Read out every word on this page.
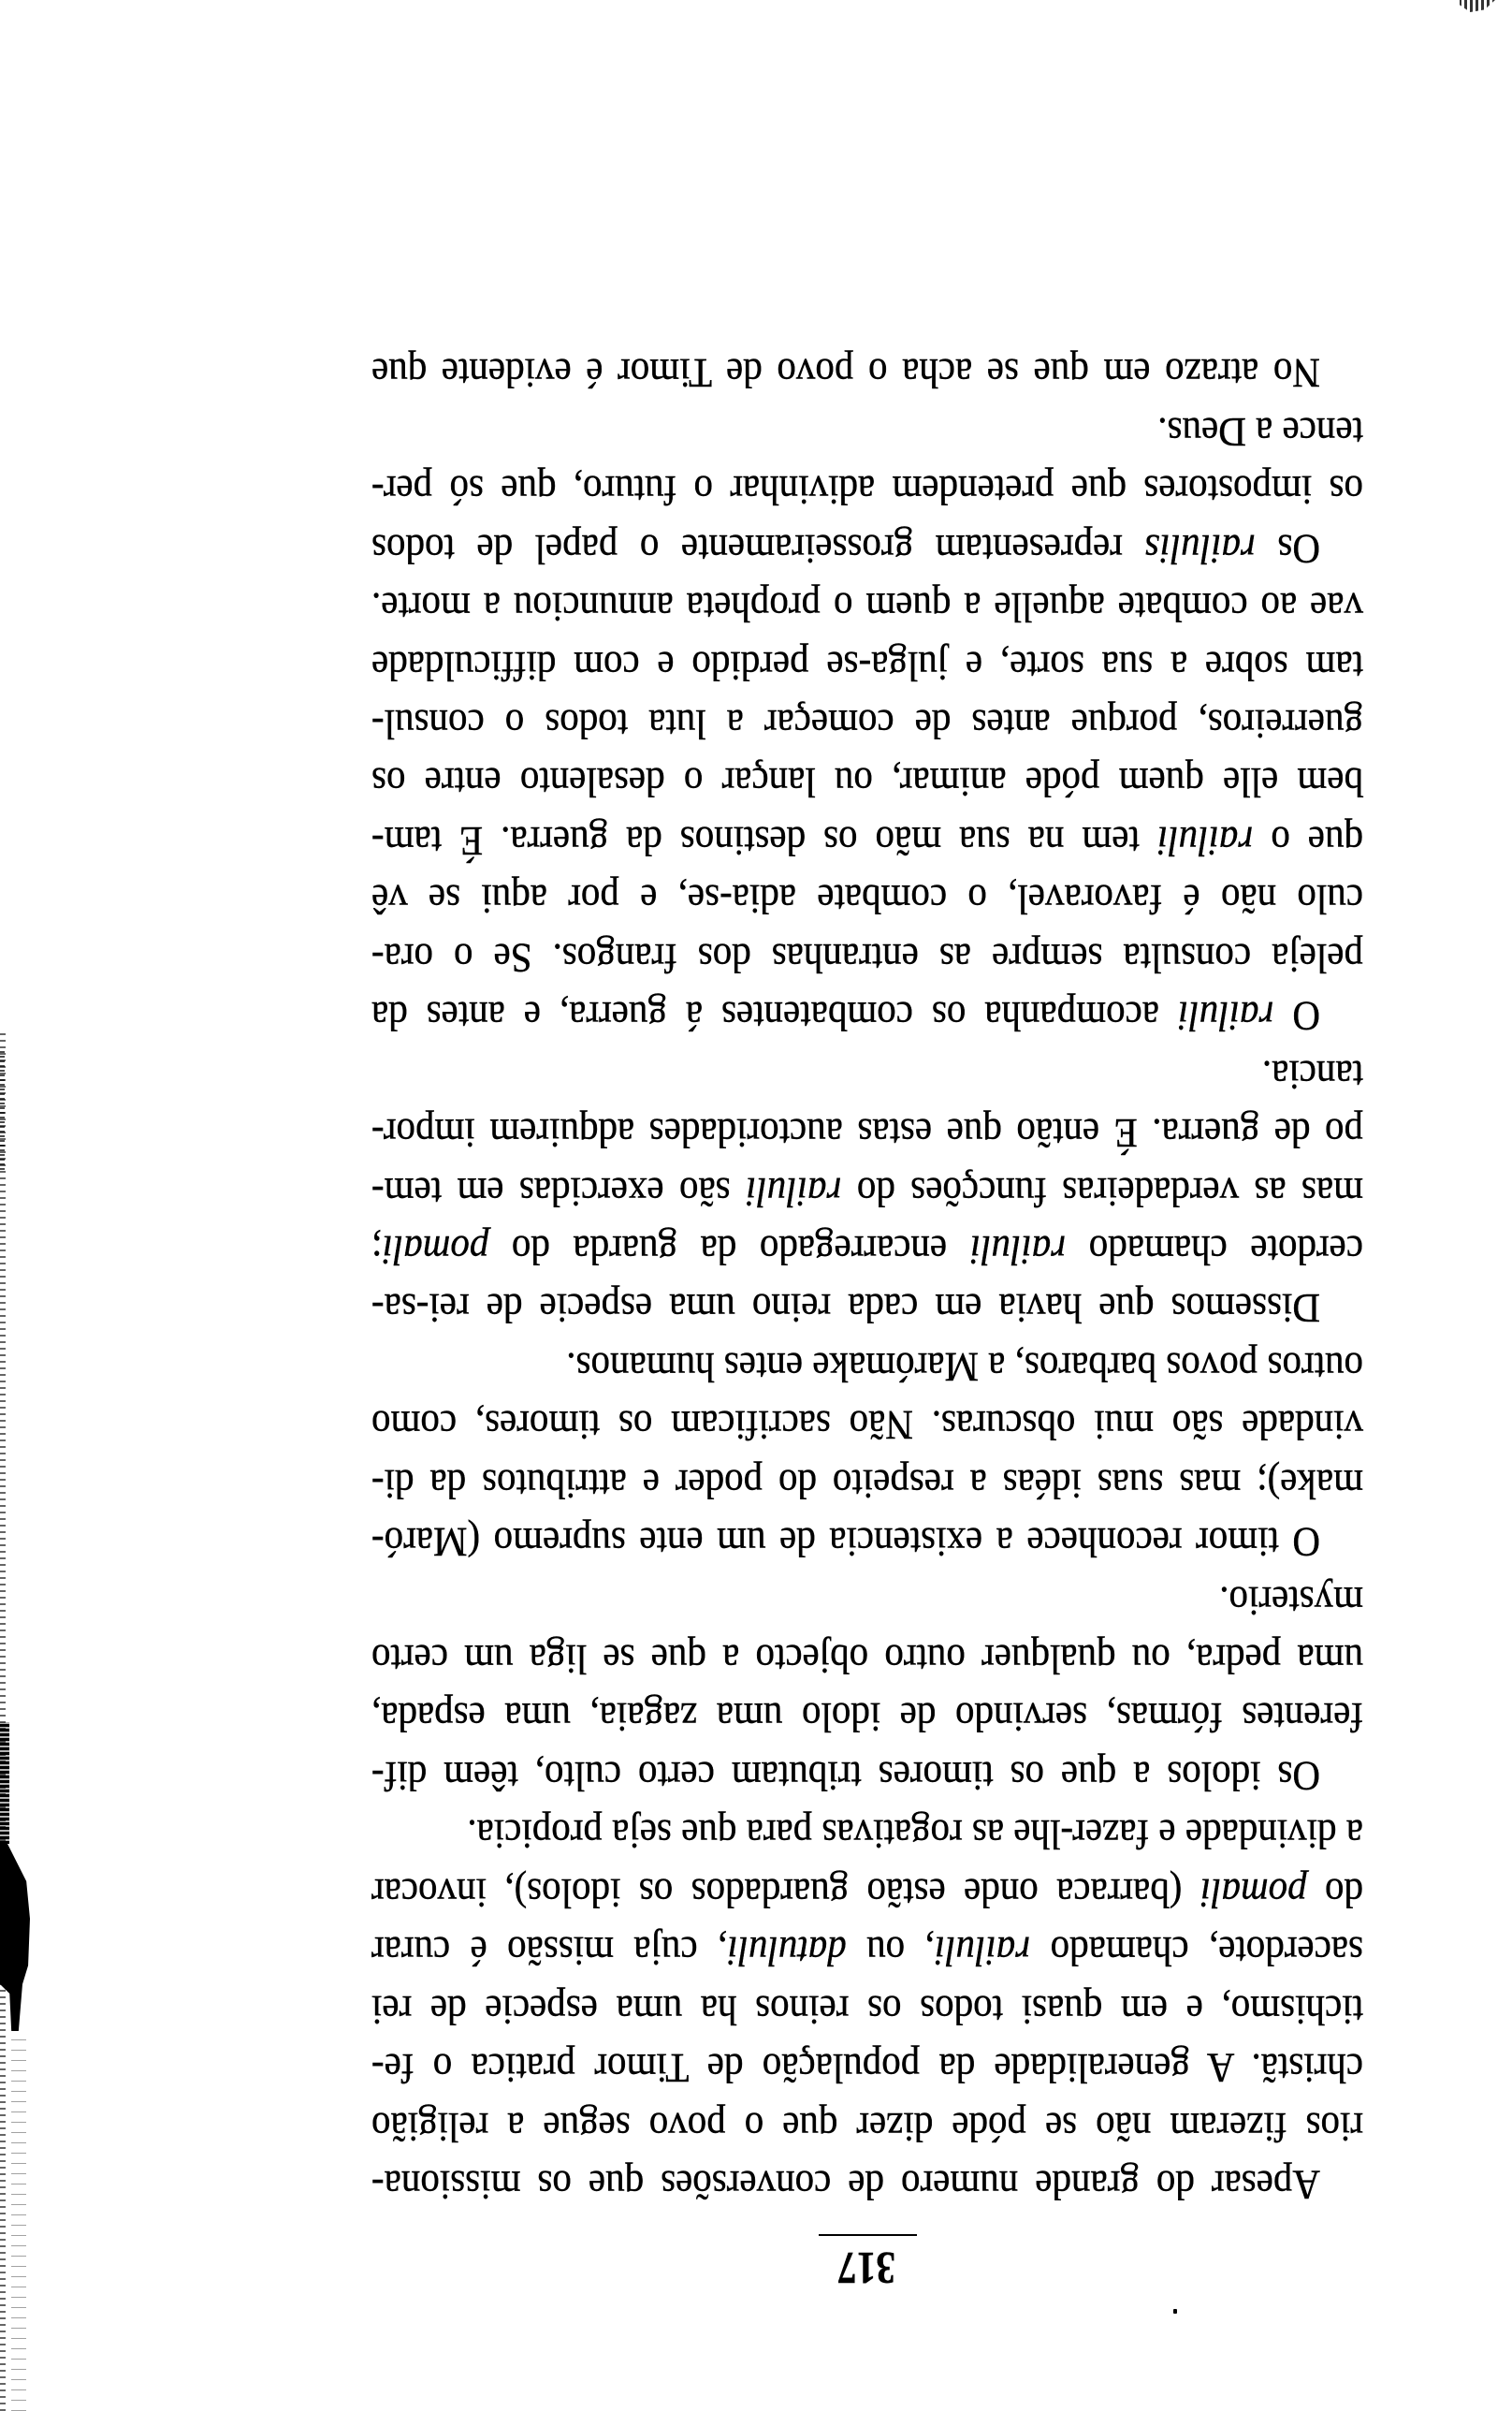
317
Apesar do grande numero de conversões que os missiona-
rios fizeram não se póde dizer que o povo segue a religião
christã. A generalidade da população de Timor pratica o fe-
tichismo, e em quasi todos os reinos ha uma especie de rei
sacerdote, chamado railuli, ou datululi, cuja missão é curar
do pomali (barraca onde estão guardados os idolos), invocar
a divindade e fazer-lhe as rogativas para que seja propicia.
Os idolos a que os timores tributam certo culto, têem dif-
ferentes fórmas, servindo de idolo uma zagaia, uma espada,
uma pedra, ou qualquer outro objecto a que se liga um certo
mysterio.
O timor reconhece a existencia de um ente supremo (Maró-
make); mas suas idéas a respeito do poder e attributos da di-
vindade são mui obscuras. Não sacrificam os timores, como
outros povos barbaros, a Marómake entes humanos.
Dissemos que havia em cada reino uma especie de rei-sa-
cerdote chamado railuli encarregado da guarda do pomali;
mas as verdadeiras funcções do railuli são exercidas em tem-
po de guerra. É então que estas auctoridades adquirem impor-
tancia.
O railuli acompanha os combatentes á guerra, e antes da
peleja consulta sempre as entranhas dos frangos. Se o ora-
culo não é favoravel, o combate adia-se, e por aqui se vê
que o railuli tem na sua mão os destinos da guerra. É tam-
bem elle quem póde animar, ou lançar o desalento entre os
guerreiros, porque antes de começar a luta todos o consul-
tam sobre a sua sorte, e julga-se perdido e com difficuldade
vae ao combate aquelle a quem o propheta annunciou a morte.
Os railulis representam grosseiramente o papel de todos
os impostores que pretendem adivinhar o futuro, que só per-
tence a Deus.
No atrazo em que se acha o povo de Timor é evidente que
